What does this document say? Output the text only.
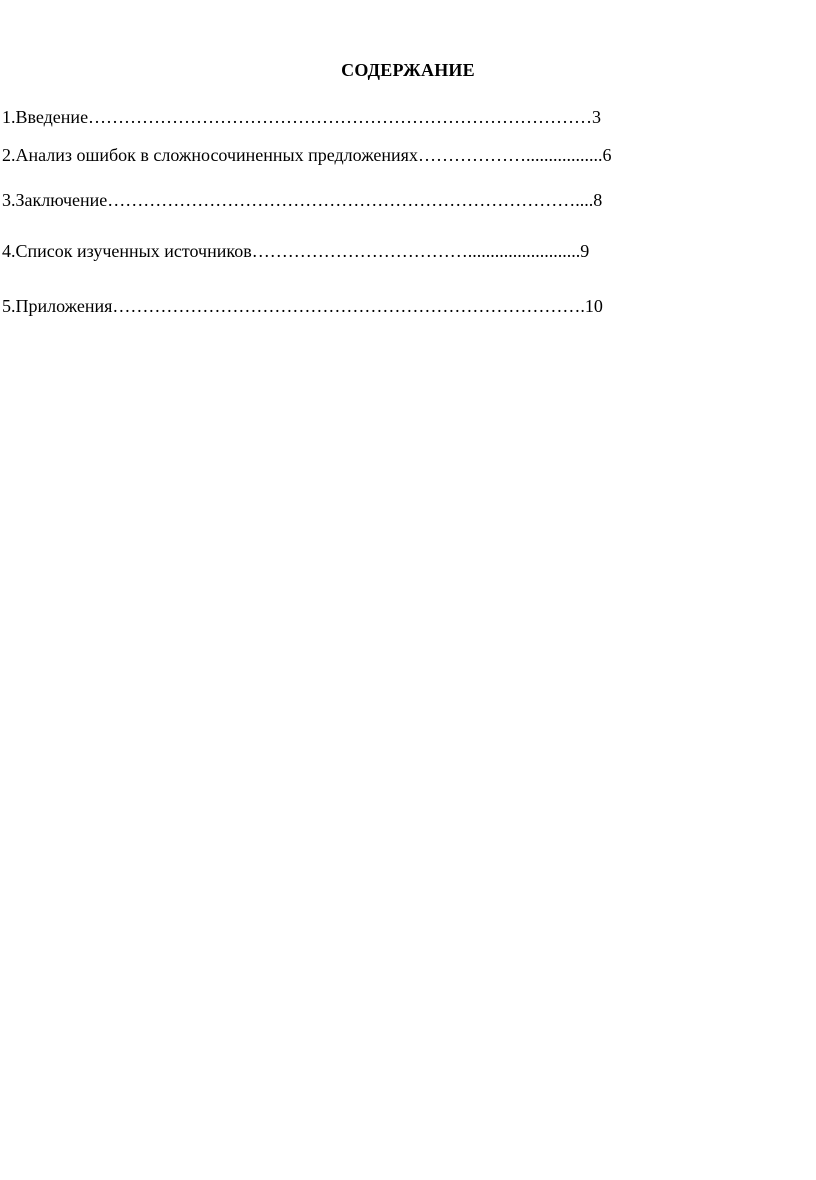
СОДЕРЖАНИЕ
1.Введение…………………………………………………………………………3
2.Анализ ошибок в сложносочиненных предложениях……………….................6
3.Заключение……………………………………………………………………....8
4.Список изученных источников……………………………….........................9
5.Приложения…………………………………………………………………….10
